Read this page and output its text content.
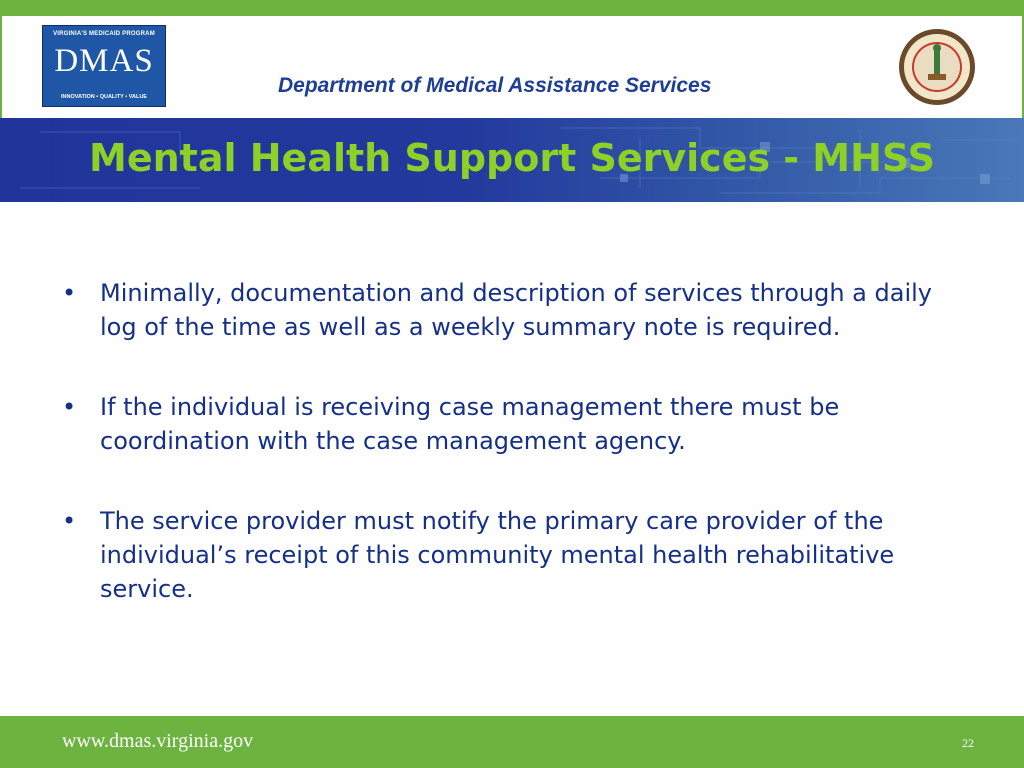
VIRGINIA'S MEDICAID PROGRAM
DMAS
INNOVATION • QUALITY • VALUE	Department of Medical Assistance Services
Mental Health Support Services - MHSS
• Minimally, documentation and description of services through a daily log of the time as well as a weekly summary note is required.
• If the individual is receiving case management there must be coordination with the case management agency.
• The service provider must notify the primary care provider of the individual’s receipt of this community mental health rehabilitative service.
www.dmas.virginia.gov	22
